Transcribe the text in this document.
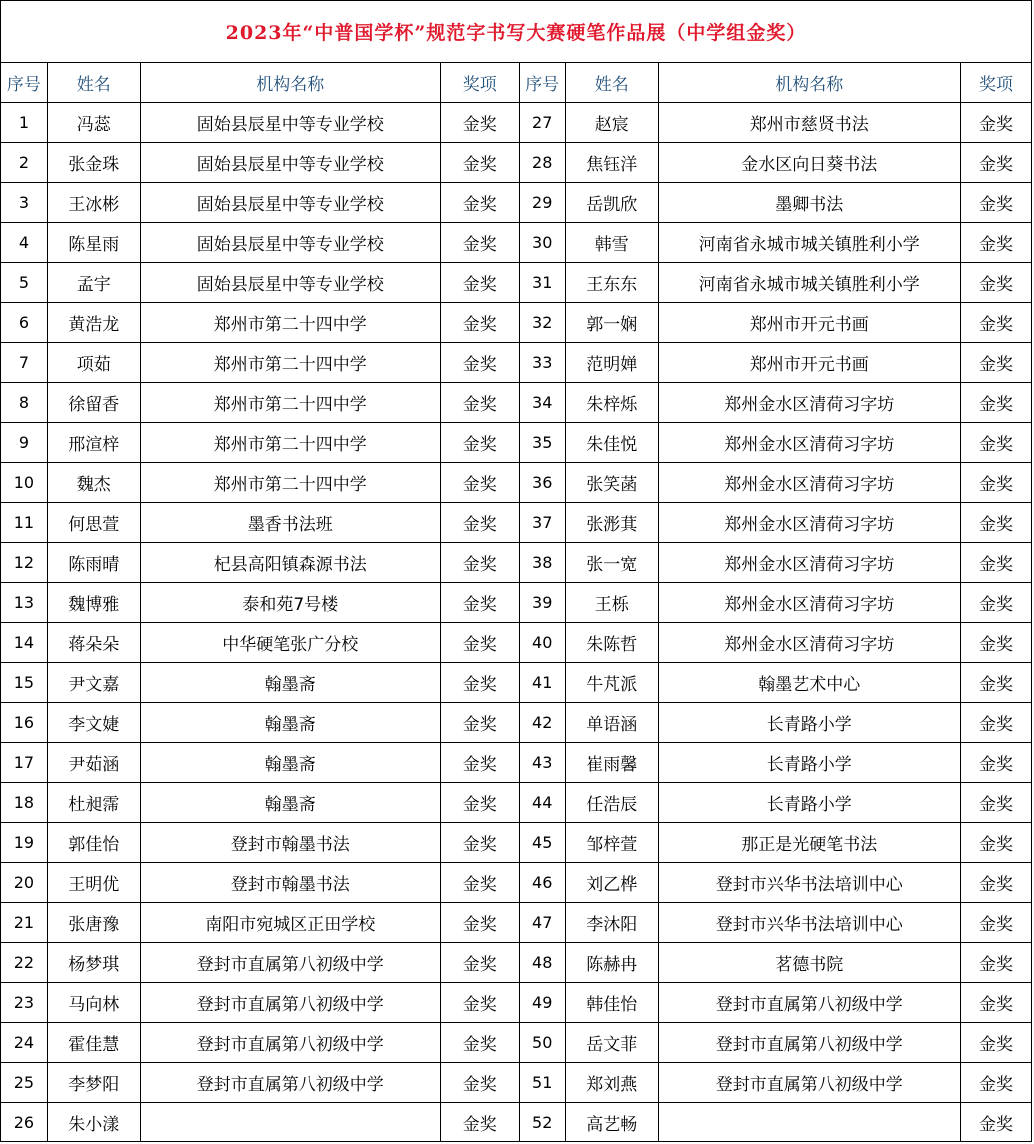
2023年“中普国学杯”规范字书写大赛硬笔作品展（中学组金奖）
序号	姓名	机构名称	奖项	序号	姓名	机构名称	奖项
1	冯蕊	固始县辰星中等专业学校	金奖	27	赵宸	郑州市慈贤书法	金奖
2	张金珠	固始县辰星中等专业学校	金奖	28	焦钰洋	金水区向日葵书法	金奖
3	王冰彬	固始县辰星中等专业学校	金奖	29	岳凯欣	墨卿书法	金奖
4	陈星雨	固始县辰星中等专业学校	金奖	30	韩雪	河南省永城市城关镇胜利小学	金奖
5	孟宇	固始县辰星中等专业学校	金奖	31	王东东	河南省永城市城关镇胜利小学	金奖
6	黄浩龙	郑州市第二十四中学	金奖	32	郭一娴	郑州市开元书画	金奖
7	项茹	郑州市第二十四中学	金奖	33	范明婵	郑州市开元书画	金奖
8	徐留香	郑州市第二十四中学	金奖	34	朱梓烁	郑州金水区清荷习字坊	金奖
9	邢渲梓	郑州市第二十四中学	金奖	35	朱佳悦	郑州金水区清荷习字坊	金奖
10	魏杰	郑州市第二十四中学	金奖	36	张笑菡	郑州金水区清荷习字坊	金奖
11	何思萱	墨香书法班	金奖	37	张浵萁	郑州金水区清荷习字坊	金奖
12	陈雨晴	杞县高阳镇森源书法	金奖	38	张一宽	郑州金水区清荷习字坊	金奖
13	魏博雅	泰和苑7号楼	金奖	39	王栎	郑州金水区清荷习字坊	金奖
14	蒋朵朵	中华硬笔张广分校	金奖	40	朱陈哲	郑州金水区清荷习字坊	金奖
15	尹文嘉	翰墨斋	金奖	41	牛芃派	翰墨艺术中心	金奖
16	李文婕	翰墨斋	金奖	42	单语涵	长青路小学	金奖
17	尹茹涵	翰墨斋	金奖	43	崔雨馨	长青路小学	金奖
18	杜昶霈	翰墨斋	金奖	44	任浩辰	长青路小学	金奖
19	郭佳怡	登封市翰墨书法	金奖	45	邹梓萱	那正是光硬笔书法	金奖
20	王明优	登封市翰墨书法	金奖	46	刘乙桦	登封市兴华书法培训中心	金奖
21	张唐豫	南阳市宛城区正田学校	金奖	47	李沐阳	登封市兴华书法培训中心	金奖
22	杨梦琪	登封市直属第八初级中学	金奖	48	陈赫冉	茗德书院	金奖
23	马向林	登封市直属第八初级中学	金奖	49	韩佳怡	登封市直属第八初级中学	金奖
24	霍佳慧	登封市直属第八初级中学	金奖	50	岳文菲	登封市直属第八初级中学	金奖
25	李梦阳	登封市直属第八初级中学	金奖	51	郑刘燕	登封市直属第八初级中学	金奖
26	朱小漾		金奖	52	高艺畅		金奖
